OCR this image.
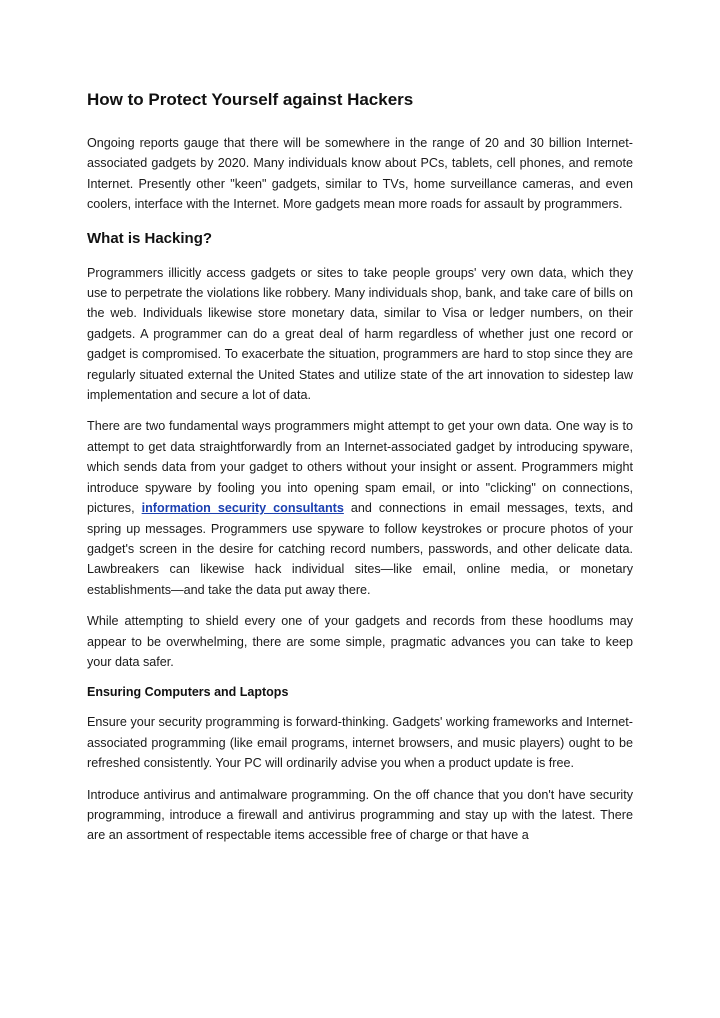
How to Protect Yourself against Hackers

Ongoing reports gauge that there will be somewhere in the range of 20 and 30 billion Internet-associated gadgets by 2020. Many individuals know about PCs, tablets, cell phones, and remote Internet. Presently other "keen" gadgets, similar to TVs, home surveillance cameras, and even coolers, interface with the Internet. More gadgets mean more roads for assault by programmers.

What is Hacking?

Programmers illicitly access gadgets or sites to take people groups' very own data, which they use to perpetrate the violations like robbery. Many individuals shop, bank, and take care of bills on the web. Individuals likewise store monetary data, similar to Visa or ledger numbers, on their gadgets. A programmer can do a great deal of harm regardless of whether just one record or gadget is compromised. To exacerbate the situation, programmers are hard to stop since they are regularly situated external the United States and utilize state of the art innovation to sidestep law implementation and secure a lot of data.

There are two fundamental ways programmers might attempt to get your own data. One way is to attempt to get data straightforwardly from an Internet-associated gadget by introducing spyware, which sends data from your gadget to others without your insight or assent. Programmers might introduce spyware by fooling you into opening spam email, or into "clicking" on connections, pictures, information security consultants and connections in email messages, texts, and spring up messages. Programmers use spyware to follow keystrokes or procure photos of your gadget's screen in the desire for catching record numbers, passwords, and other delicate data. Lawbreakers can likewise hack individual sites—like email, online media, or monetary establishments—and take the data put away there.

While attempting to shield every one of your gadgets and records from these hoodlums may appear to be overwhelming, there are some simple, pragmatic advances you can take to keep your data safer.

Ensuring Computers and Laptops

Ensure your security programming is forward-thinking. Gadgets' working frameworks and Internet-associated programming (like email programs, internet browsers, and music players) ought to be refreshed consistently. Your PC will ordinarily advise you when a product update is free.

Introduce antivirus and antimalware programming. On the off chance that you don't have security programming, introduce a firewall and antivirus programming and stay up with the latest. There are an assortment of respectable items accessible free of charge or that have a
